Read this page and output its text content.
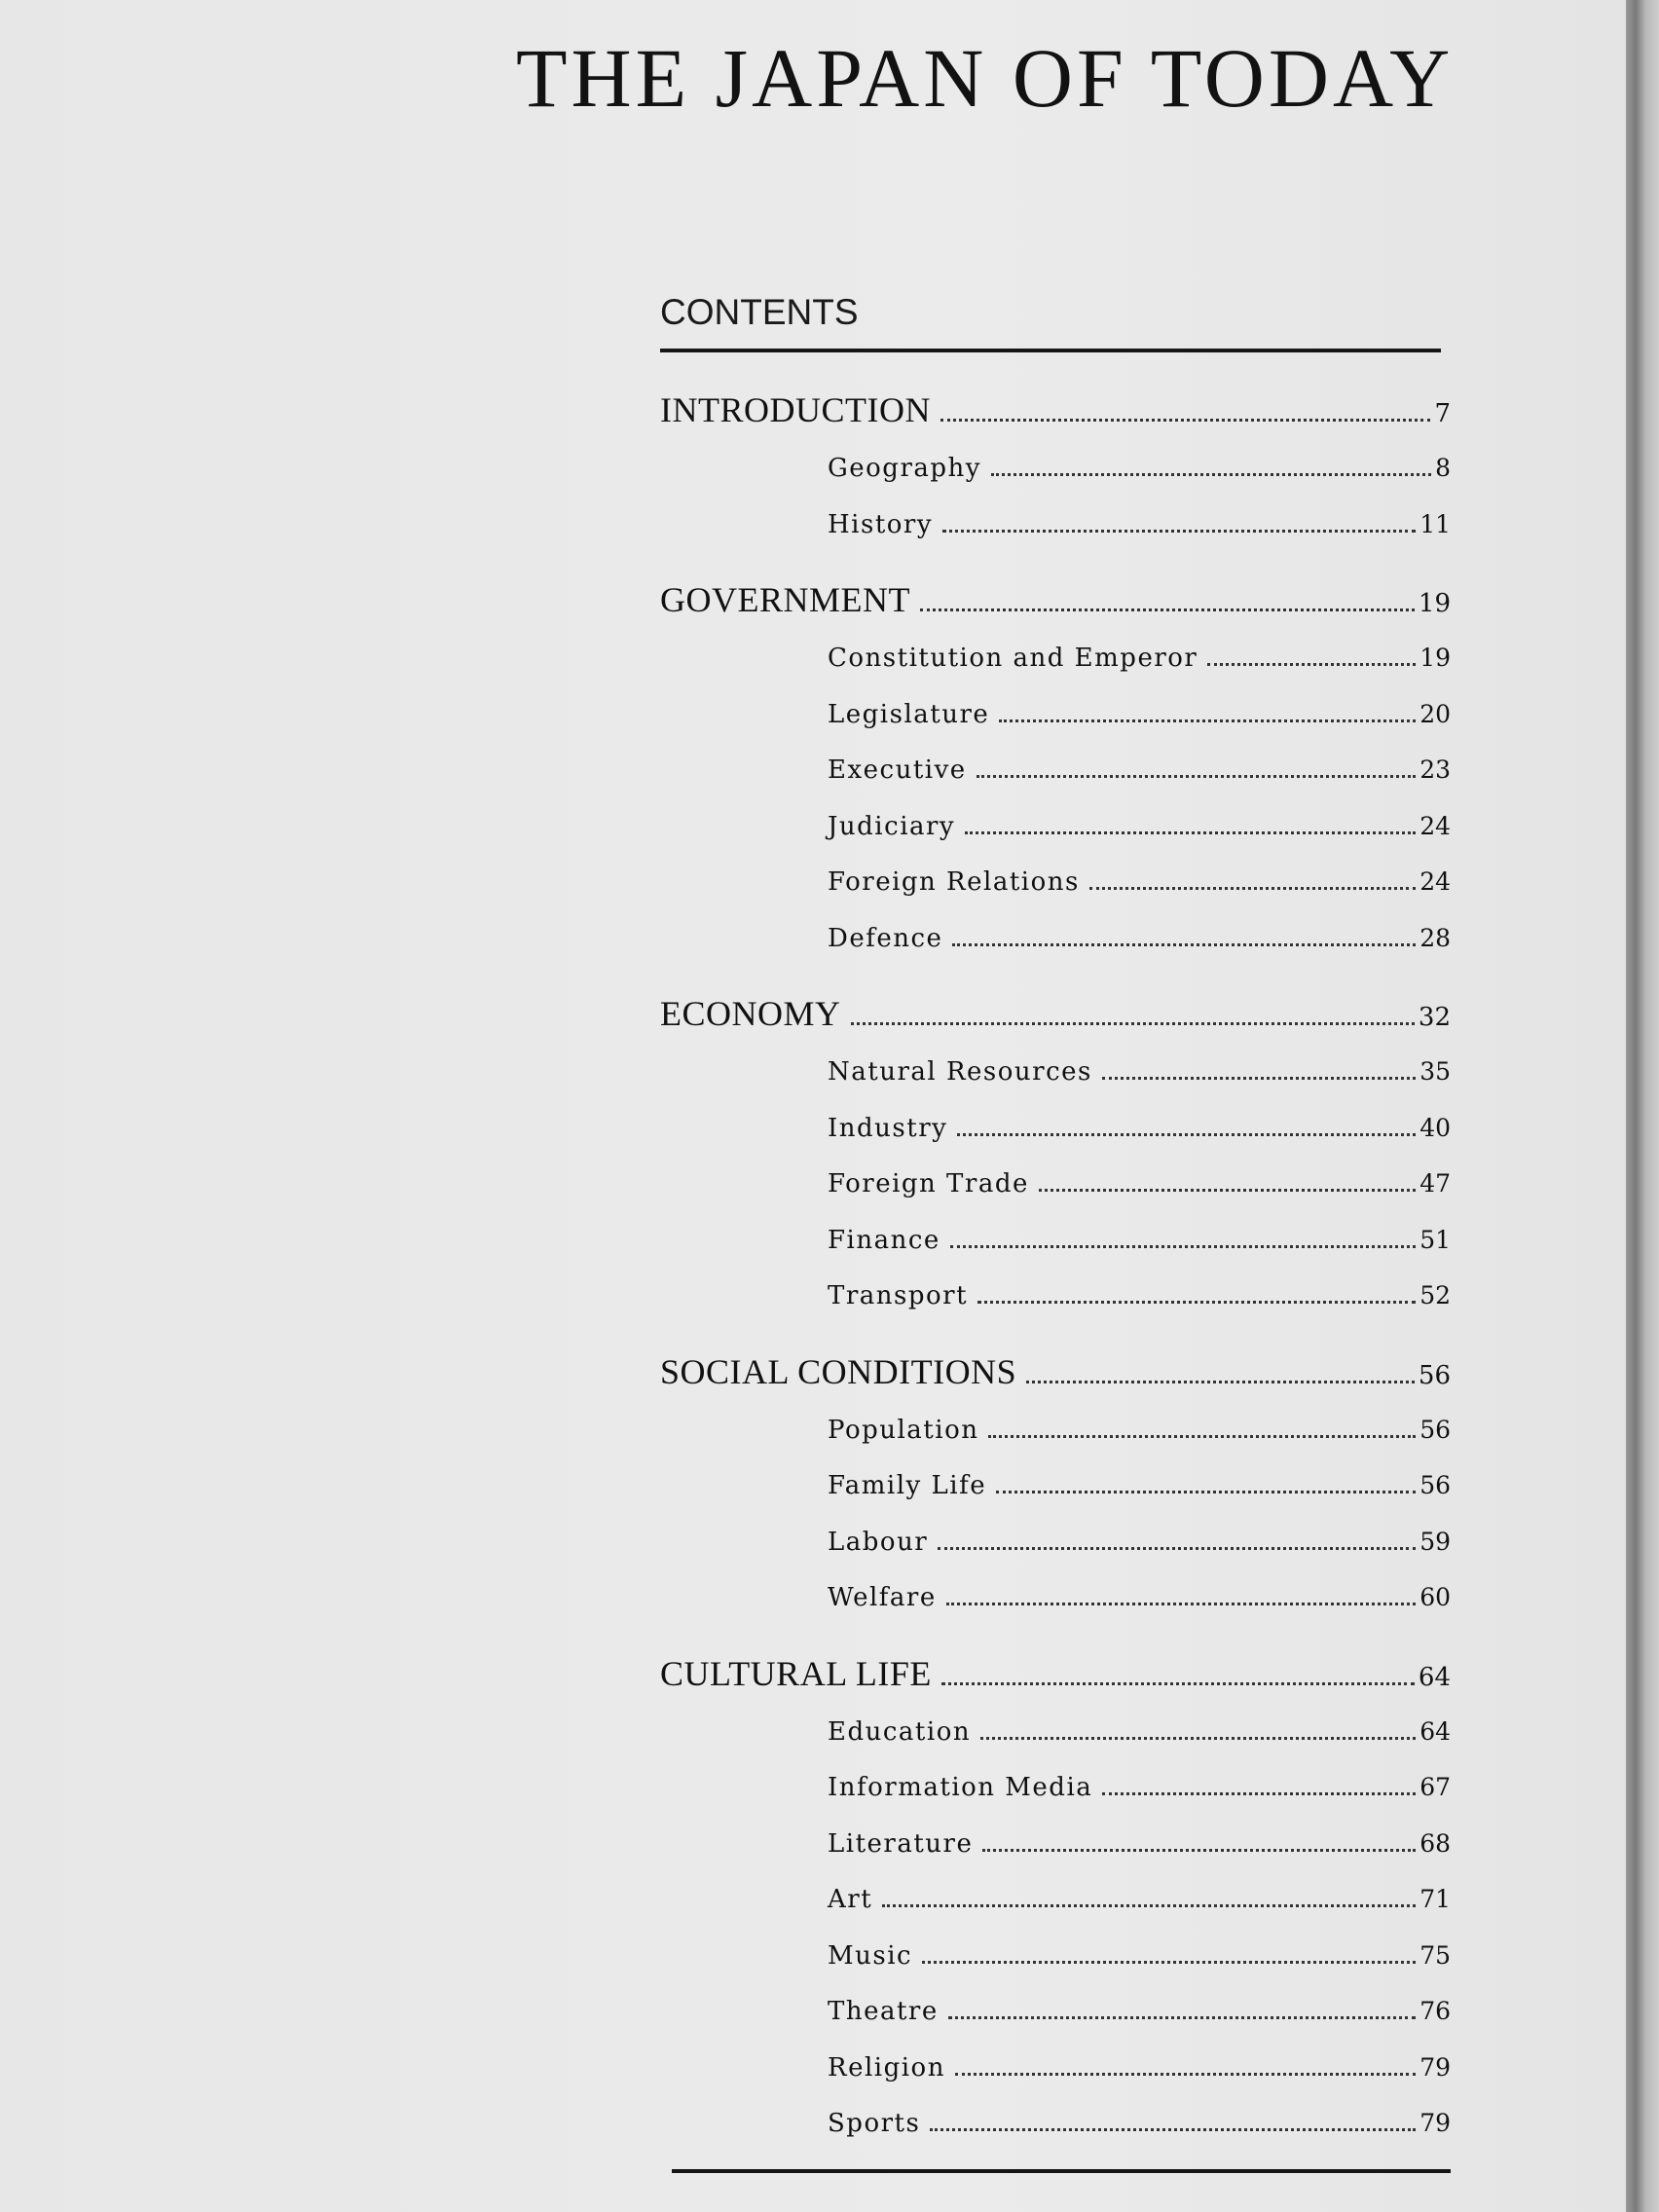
THE JAPAN OF TODAY
CONTENTS
INTRODUCTION	7
Geography	8
History	11
GOVERNMENT	19
Constitution and Emperor	19
Legislature	20
Executive	23
Judiciary	24
Foreign Relations	24
Defence	28
ECONOMY	32
Natural Resources	35
Industry	40
Foreign Trade	47
Finance	51
Transport	52
SOCIAL CONDITIONS	56
Population	56
Family Life	56
Labour	59
Welfare	60
CULTURAL LIFE	64
Education	64
Information Media	67
Literature	68
Art	71
Music	75
Theatre	76
Religion	79
Sports	79
